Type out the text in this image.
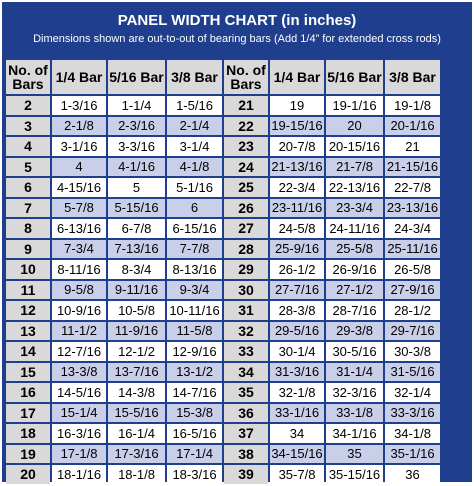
PANEL WIDTH CHART (in inches)
Dimensions shown are out-to-out of bearing bars (Add 1/4” for extended cross rods)
No. of Bars	1/4 Bar	5/16 Bar	3/8 Bar	No. of Bars	1/4 Bar	5/16 Bar	3/8 Bar

2	1-3/16	1-1/4	1-5/16	21	19	19-1/16	19-1/8
3	2-1/8	2-3/16	2-1/4	22	19-15/16	20	20-1/16
4	3-1/16	3-3/16	3-1/4	23	20-7/8	20-15/16	21
5	4	4-1/16	4-1/8	24	21-13/16	21-7/8	21-15/16
6	4-15/16	5	5-1/16	25	22-3/4	22-13/16	22-7/8
7	5-7/8	5-15/16	6	26	23-11/16	23-3/4	23-13/16
8	6-13/16	6-7/8	6-15/16	27	24-5/8	24-11/16	24-3/4
9	7-3/4	7-13/16	7-7/8	28	25-9/16	25-5/8	25-11/16
10	8-11/16	8-3/4	8-13/16	29	26-1/2	26-9/16	26-5/8
11	9-5/8	9-11/16	9-3/4	30	27-7/16	27-1/2	27-9/16
12	10-9/16	10-5/8	10-11/16	31	28-3/8	28-7/16	28-1/2
13	11-1/2	11-9/16	11-5/8	32	29-5/16	29-3/8	29-7/16
14	12-7/16	12-1/2	12-9/16	33	30-1/4	30-5/16	30-3/8
15	13-3/8	13-7/16	13-1/2	34	31-3/16	31-1/4	31-5/16
16	14-5/16	14-3/8	14-7/16	35	32-1/8	32-3/16	32-1/4
17	15-1/4	15-5/16	15-3/8	36	33-1/16	33-1/8	33-3/16
18	16-3/16	16-1/4	16-5/16	37	34	34-1/16	34-1/8
19	17-1/8	17-3/16	17-1/4	38	34-15/16	35	35-1/16
20	18-1/16	18-1/8	18-3/16	39	35-7/8	35-15/16	36
